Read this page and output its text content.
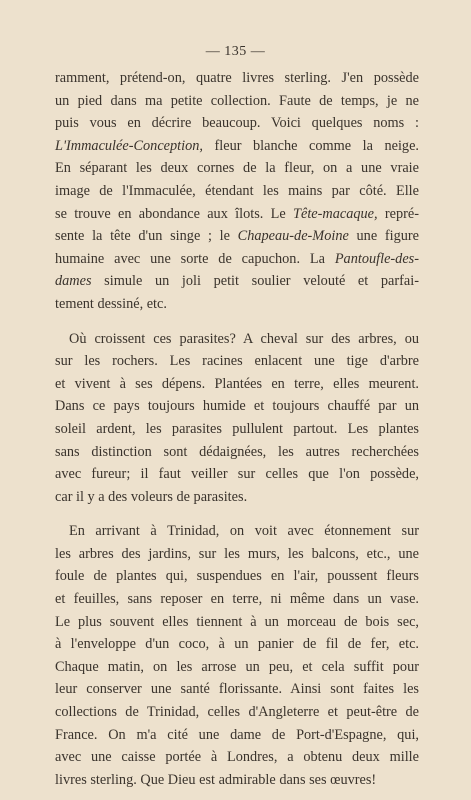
— 135 —
ramment, prétend-on, quatre livres sterling. J'en possède
un pied dans ma petite collection. Faute de temps, je ne
puis vous en décrire beaucoup. Voici quelques noms :
L'Immaculée-Conception, fleur blanche comme la neige.
En séparant les deux cornes de la fleur, on a une vraie
image de l'Immaculée, étendant les mains par côté. Elle
se trouve en abondance aux îlots. Le Tête-macaque, repré-
sente la tête d'un singe ; le Chapeau-de-Moine une figure
humaine avec une sorte de capuchon. La Pantoufle-des-
dames simule un joli petit soulier velouté et parfai-
tement dessiné, etc.
Où croissent ces parasites? A cheval sur des arbres, ou
sur les rochers. Les racines enlacent une tige d'arbre
et vivent à ses dépens. Plantées en terre, elles meurent.
Dans ce pays toujours humide et toujours chauffé par un
soleil ardent, les parasites pullulent partout. Les plantes
sans distinction sont dédaignées, les autres recherchées
avec fureur; il faut veiller sur celles que l'on possède,
car il y a des voleurs de parasites.
En arrivant à Trinidad, on voit avec étonnement sur
les arbres des jardins, sur les murs, les balcons, etc., une
foule de plantes qui, suspendues en l'air, poussent fleurs
et feuilles, sans reposer en terre, ni même dans un vase.
Le plus souvent elles tiennent à un morceau de bois sec,
à l'enveloppe d'un coco, à un panier de fil de fer, etc.
Chaque matin, on les arrose un peu, et cela suffit pour
leur conserver une santé florissante. Ainsi sont faites les
collections de Trinidad, celles d'Angleterre et peut-être de
France. On m'a cité une dame de Port-d'Espagne, qui,
avec une caisse portée à Londres, a obtenu deux mille
livres sterling. Que Dieu est admirable dans ses œuvres!
